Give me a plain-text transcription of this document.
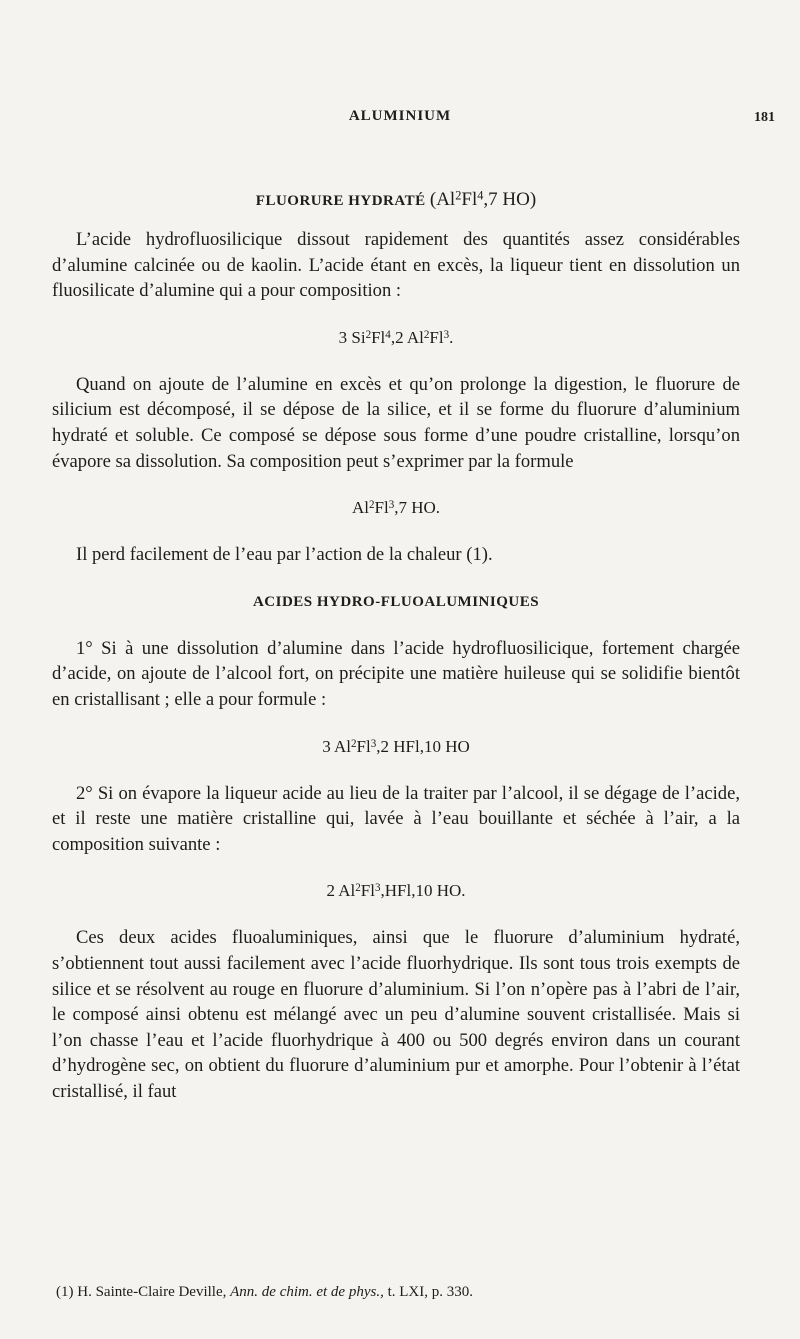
ALUMINIUM	181
FLUORURE HYDRATÉ (Al$^2$Fl$^4$,7 HO)

L’acide hydrofluosilicique dissout rapidement des quantités assez considérables d’alumine calcinée ou de kaolin. L’acide étant en excès, la liqueur tient en dissolution un fluosilicate d’alumine qui a pour composition :

3 Si$^2$Fl$^4$,2 Al$^2$Fl$^3$.

Quand on ajoute de l’alumine en excès et qu’on prolonge la digestion, le fluorure de silicium est décomposé, il se dépose de la silice, et il se forme du fluorure d’aluminium hydraté et soluble. Ce composé se dépose sous forme d’une poudre cristalline, lorsqu’on évapore sa dissolution. Sa composition peut s’exprimer par la formule

Al$^2$Fl$^3$,7 HO.

Il perd facilement de l’eau par l’action de la chaleur (1).

ACIDES HYDRO-FLUOALUMINIQUES

1° Si à une dissolution d’alumine dans l’acide hydrofluosilicique, fortement chargée d’acide, on ajoute de l’alcool fort, on précipite une matière huileuse qui se solidifie bientôt en cristallisant ; elle a pour formule :

3 Al$^2$Fl$^3$,2 HFl,10 HO

2° Si on évapore la liqueur acide au lieu de la traiter par l’alcool, il se dégage de l’acide, et il reste une matière cristalline qui, lavée à l’eau bouillante et séchée à l’air, a la composition suivante :

2 Al$^2$Fl$^3$,HFl,10 HO.

Ces deux acides fluoaluminiques, ainsi que le fluorure d’aluminium hydraté, s’obtiennent tout aussi facilement avec l’acide fluorhydrique. Ils sont tous trois exempts de silice et se résolvent au rouge en fluorure d’aluminium. Si l’on n’opère pas à l’abri de l’air, le composé ainsi obtenu est mélangé avec un peu d’alumine souvent cristallisée. Mais si l’on chasse l’eau et l’acide fluorhydrique à 400 ou 500 degrés environ dans un courant d’hydrogène sec, on obtient du fluorure d’aluminium pur et amorphe. Pour l’obtenir à l’état cristallisé, il faut

(1) H. Sainte-Claire Deville, Ann. de chim. et de phys., t. LXI, p. 330.
